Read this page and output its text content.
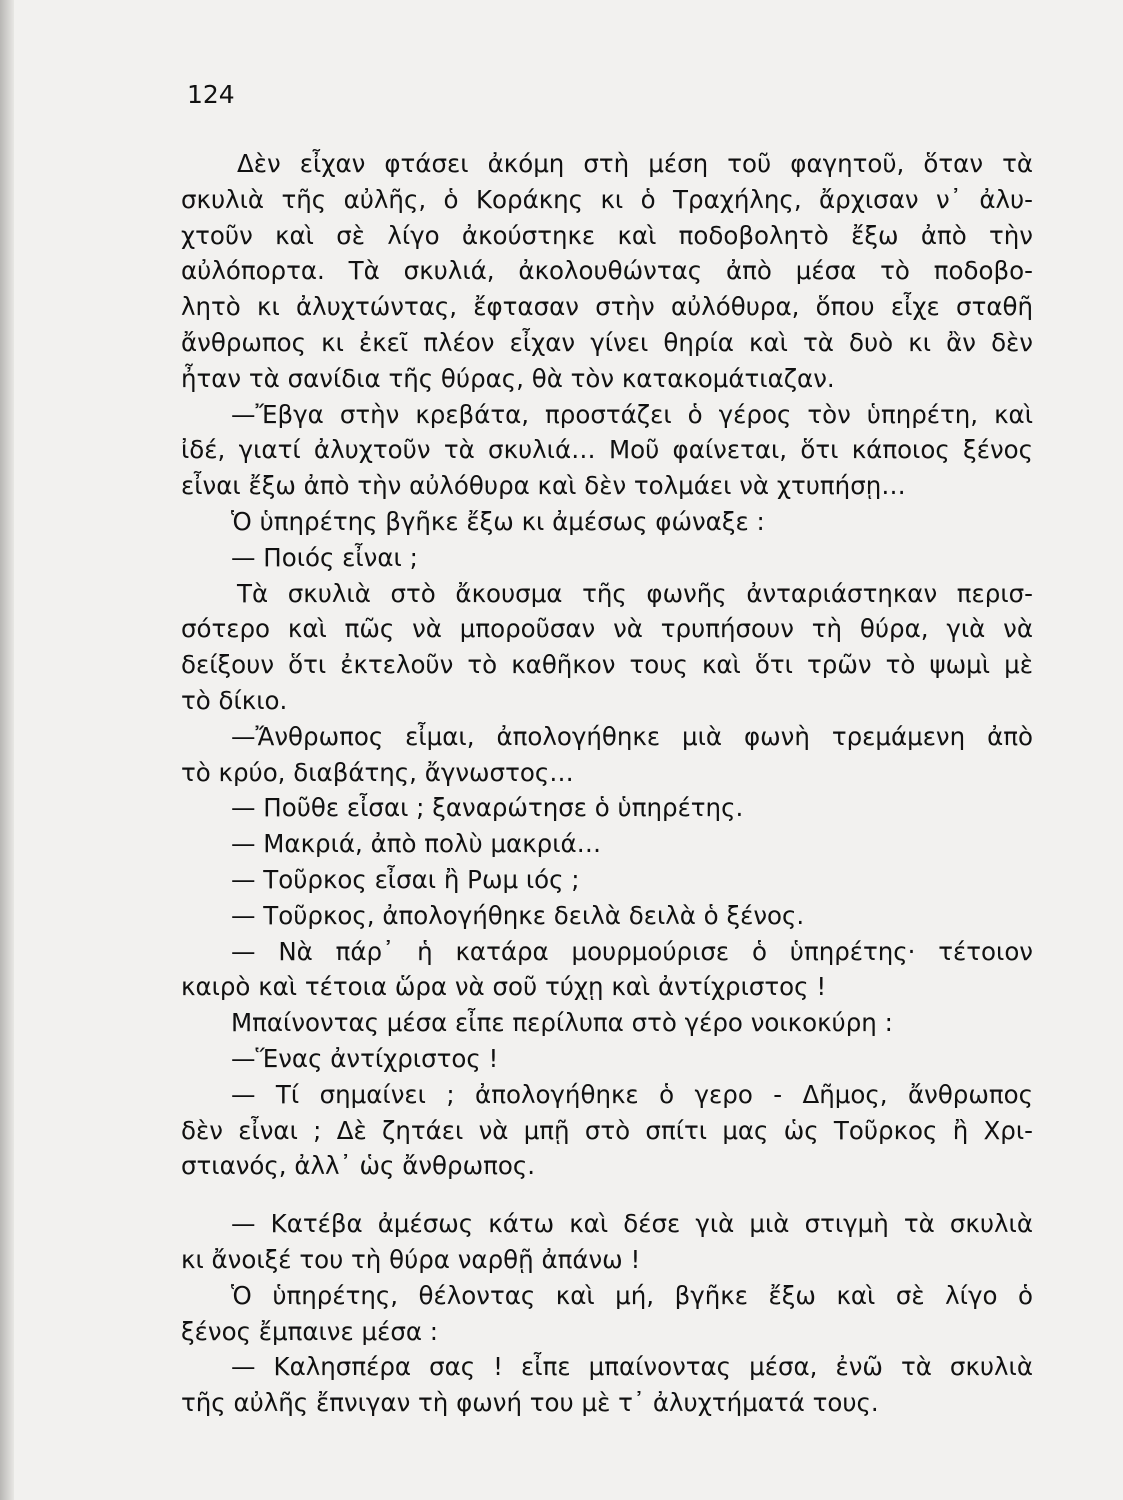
124

Δὲν εἶχαν φτάσει ἀκόμη στὴ μέση τοῦ φαγητοῦ, ὅταν τὰ
σκυλιὰ τῆς αὐλῆς, ὁ Κοράκης κι ὁ Τραχήλης, ἄρχισαν ν᾽ ἀλυ-
χτοῦν καὶ σὲ λίγο ἀκούστηκε καὶ ποδοβολητὸ ἔξω ἀπὸ τὴν
αὐλόπορτα. Τὰ σκυλιά, ἀκολουθώντας ἀπὸ μέσα τὸ ποδοβο-
λητὸ κι ἀλυχτώντας, ἔφτασαν στὴν αὐλόθυρα, ὅπου εἶχε σταθῆ
ἄνθρωπος κι ἐκεῖ πλέον εἶχαν γίνει θηρία καὶ τὰ δυὸ κι ἂν δὲν
ἦταν τὰ σανίδια τῆς θύρας, θὰ τὸν κατακομάτιαζαν.
—Ἔβγα στὴν κρεβάτα, προστάζει ὁ γέρος τὸν ὑπηρέτη, καὶ
ἰδέ, γιατί ἀλυχτοῦν τὰ σκυλιά… Μοῦ φαίνεται, ὅτι κάποιος ξένος
εἶναι ἔξω ἀπὸ τὴν αὐλόθυρα καὶ δὲν τολμάει νὰ χτυπήσῃ…
Ὁ ὑπηρέτης βγῆκε ἔξω κι ἀμέσως φώναξε :
— Ποιός εἶναι ;
Τὰ σκυλιὰ στὸ ἄκουσμα τῆς φωνῆς ἀνταριάστηκαν περισ-
σότερο καὶ πῶς νὰ μποροῦσαν νὰ τρυπήσουν τὴ θύρα, γιὰ νὰ
δείξουν ὅτι ἐκτελοῦν τὸ καθῆκον τους καὶ ὅτι τρῶν τὸ ψωμὶ μὲ
τὸ δίκιο.
—Ἄνθρωπος εἶμαι, ἀπολογήθηκε μιὰ φωνὴ τρεμάμενη ἀπὸ
τὸ κρύο, διαβάτης, ἄγνωστος…
— Ποῦθε εἶσαι ; ξαναρώτησε ὁ ὑπηρέτης.
— Μακριά, ἀπὸ πολὺ μακριά…
— Τοῦρκος εἶσαι ἢ Ρωμ ιός ;
— Τοῦρκος, ἀπολογήθηκε δειλὰ δειλὰ ὁ ξένος.
— Νὰ πάρ᾽ ἡ κατάρα μουρμούρισε ὁ ὑπηρέτης· τέτοιον
καιρὸ καὶ τέτοια ὥρα νὰ σοῦ τύχῃ καὶ ἀντίχριστος !
Μπαίνοντας μέσα εἶπε περίλυπα στὸ γέρο νοικοκύρη :
—Ἕνας ἀντίχριστος !
— Τί σημαίνει ; ἀπολογήθηκε ὁ γερο - Δῆμος, ἄνθρωπος
δὲν εἶναι ; Δὲ ζητάει νὰ μπῇ στὸ σπίτι μας ὡς Τοῦρκος ἢ Χρι-
στιανός, ἀλλ᾽ ὡς ἄνθρωπος.
— Κατέβα ἀμέσως κάτω καὶ δέσε γιὰ μιὰ στιγμὴ τὰ σκυλιὰ
κι ἄνοιξέ του τὴ θύρα ναρθῇ ἀπάνω !
Ὁ ὑπηρέτης, θέλοντας καὶ μή, βγῆκε ἔξω καὶ σὲ λίγο ὁ
ξένος ἔμπαινε μέσα :
— Καλησπέρα σας ! εἶπε μπαίνοντας μέσα, ἐνῶ τὰ σκυλιὰ
τῆς αὐλῆς ἔπνιγαν τὴ φωνή του μὲ τ᾽ ἀλυχτήματά τους.
